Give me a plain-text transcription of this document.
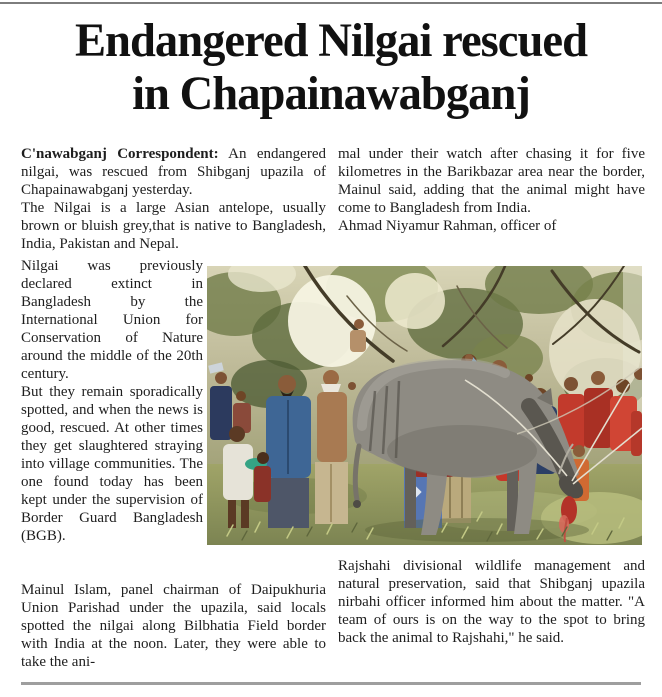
Endangered Nilgai rescued
in Chapainawabganj

C'nawabganj Correspondent: An endangered nilgai, was rescued from Shibganj upazila of Chapainawabganj yesterday.

The Nilgai is a large Asian antelope, usually brown or bluish grey,that is native to Bangladesh, India, Pakistan and Nepal.

Nilgai was previously declared extinct in Bangladesh by the International Union for Conservation of Nature around the middle of the 20th century.

But they remain sporadically spotted, and when the news is good, rescued. At other times they get slaughtered straying into village communities. The one found today has been kept under the supervision of Border Guard Bangladesh (BGB).

Mainul Islam, panel chairman of Daipukhuria Union Parishad under the upazila, said locals spotted the nilgai along Bilbhatia Field border with India at the noon. Later, they were able to take the ani-

mal under their watch after chasing it for five kilometres in the Barikbazar area near the border, Mainul said, adding that the animal might have come to Bangladesh from India.

Ahmad Niyamur Rahman, officer of

Rajshahi divisional wildlife management and natural preservation, said that Shibganj upazila nirbahi officer informed him about the matter. "A team of ours is on the way to the spot to bring back the animal to Rajshahi," he said.
